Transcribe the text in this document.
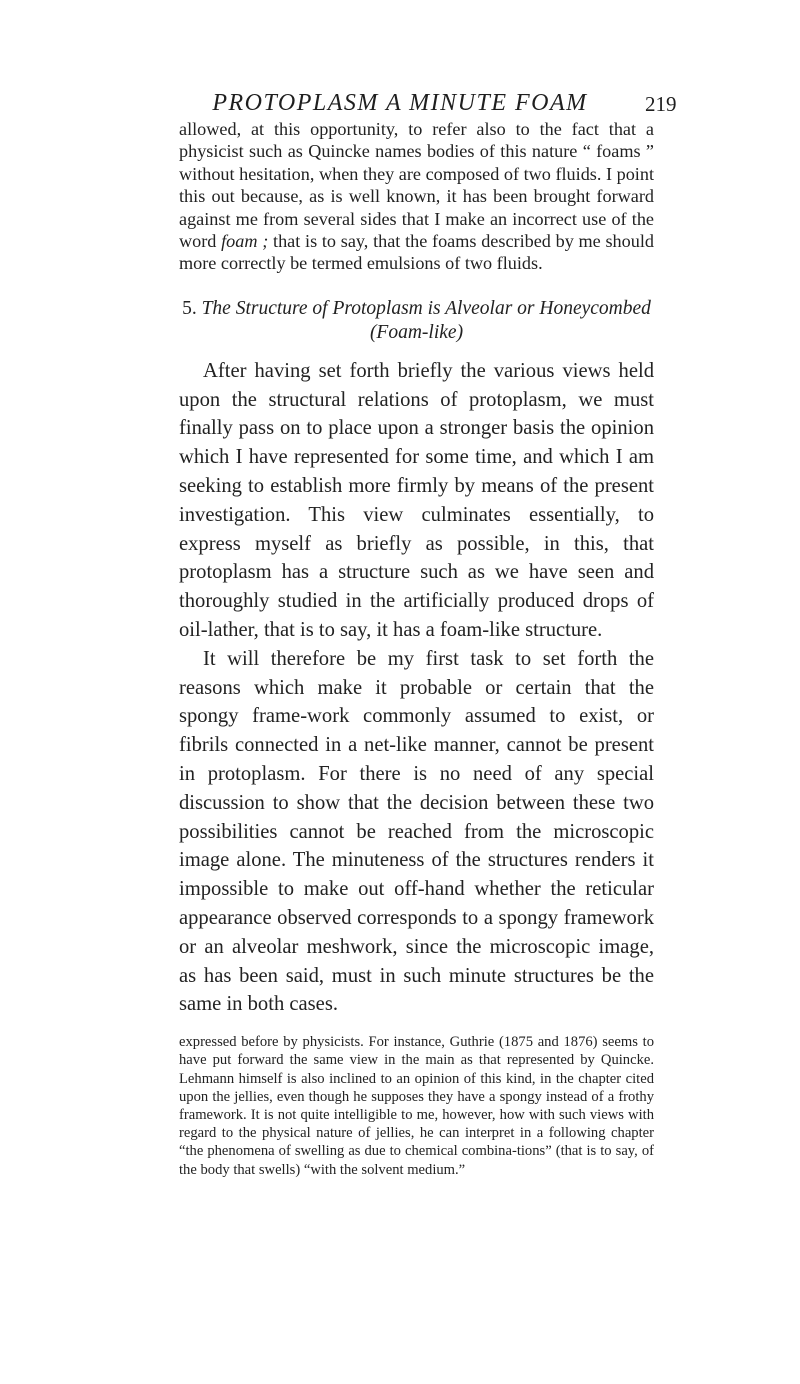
PROTOPLASM A MINUTE FOAM	219

allowed, at this opportunity, to refer also to the fact that a physicist such as Quincke names bodies of this nature “ foams ” without hesitation, when they are composed of two fluids. I point this out because, as is well known, it has been brought forward against me from several sides that I make an incorrect use of the word foam ; that is to say, that the foams described by me should more correctly be termed emulsions of two fluids.

5. The Structure of Protoplasm is Alveolar or Honeycombed
(Foam-like)

After having set forth briefly the various views held upon the structural relations of protoplasm, we must finally pass on to place upon a stronger basis the opinion which I have represented for some time, and which I am seeking to establish more firmly by means of the present investigation. This view culminates essentially, to express myself as briefly as possible, in this, that protoplasm has a structure such as we have seen and thoroughly studied in the artificially produced drops of oil-lather, that is to say, it has a foam-like structure.

It will therefore be my first task to set forth the reasons which make it probable or certain that the spongy frame-work commonly assumed to exist, or fibrils connected in a net-like manner, cannot be present in protoplasm. For there is no need of any special discussion to show that the decision between these two possibilities cannot be reached from the microscopic image alone. The minuteness of the structures renders it impossible to make out off-hand whether the reticular appearance observed corresponds to a spongy framework or an alveolar meshwork, since the microscopic image, as has been said, must in such minute structures be the same in both cases.

expressed before by physicists. For instance, Guthrie (1875 and 1876) seems to have put forward the same view in the main as that represented by Quincke. Lehmann himself is also inclined to an opinion of this kind, in the chapter cited upon the jellies, even though he supposes they have a spongy instead of a frothy framework. It is not quite intelligible to me, however, how with such views with regard to the physical nature of jellies, he can interpret in a following chapter “the phenomena of swelling as due to chemical combina-tions” (that is to say, of the body that swells) “with the solvent medium.”
